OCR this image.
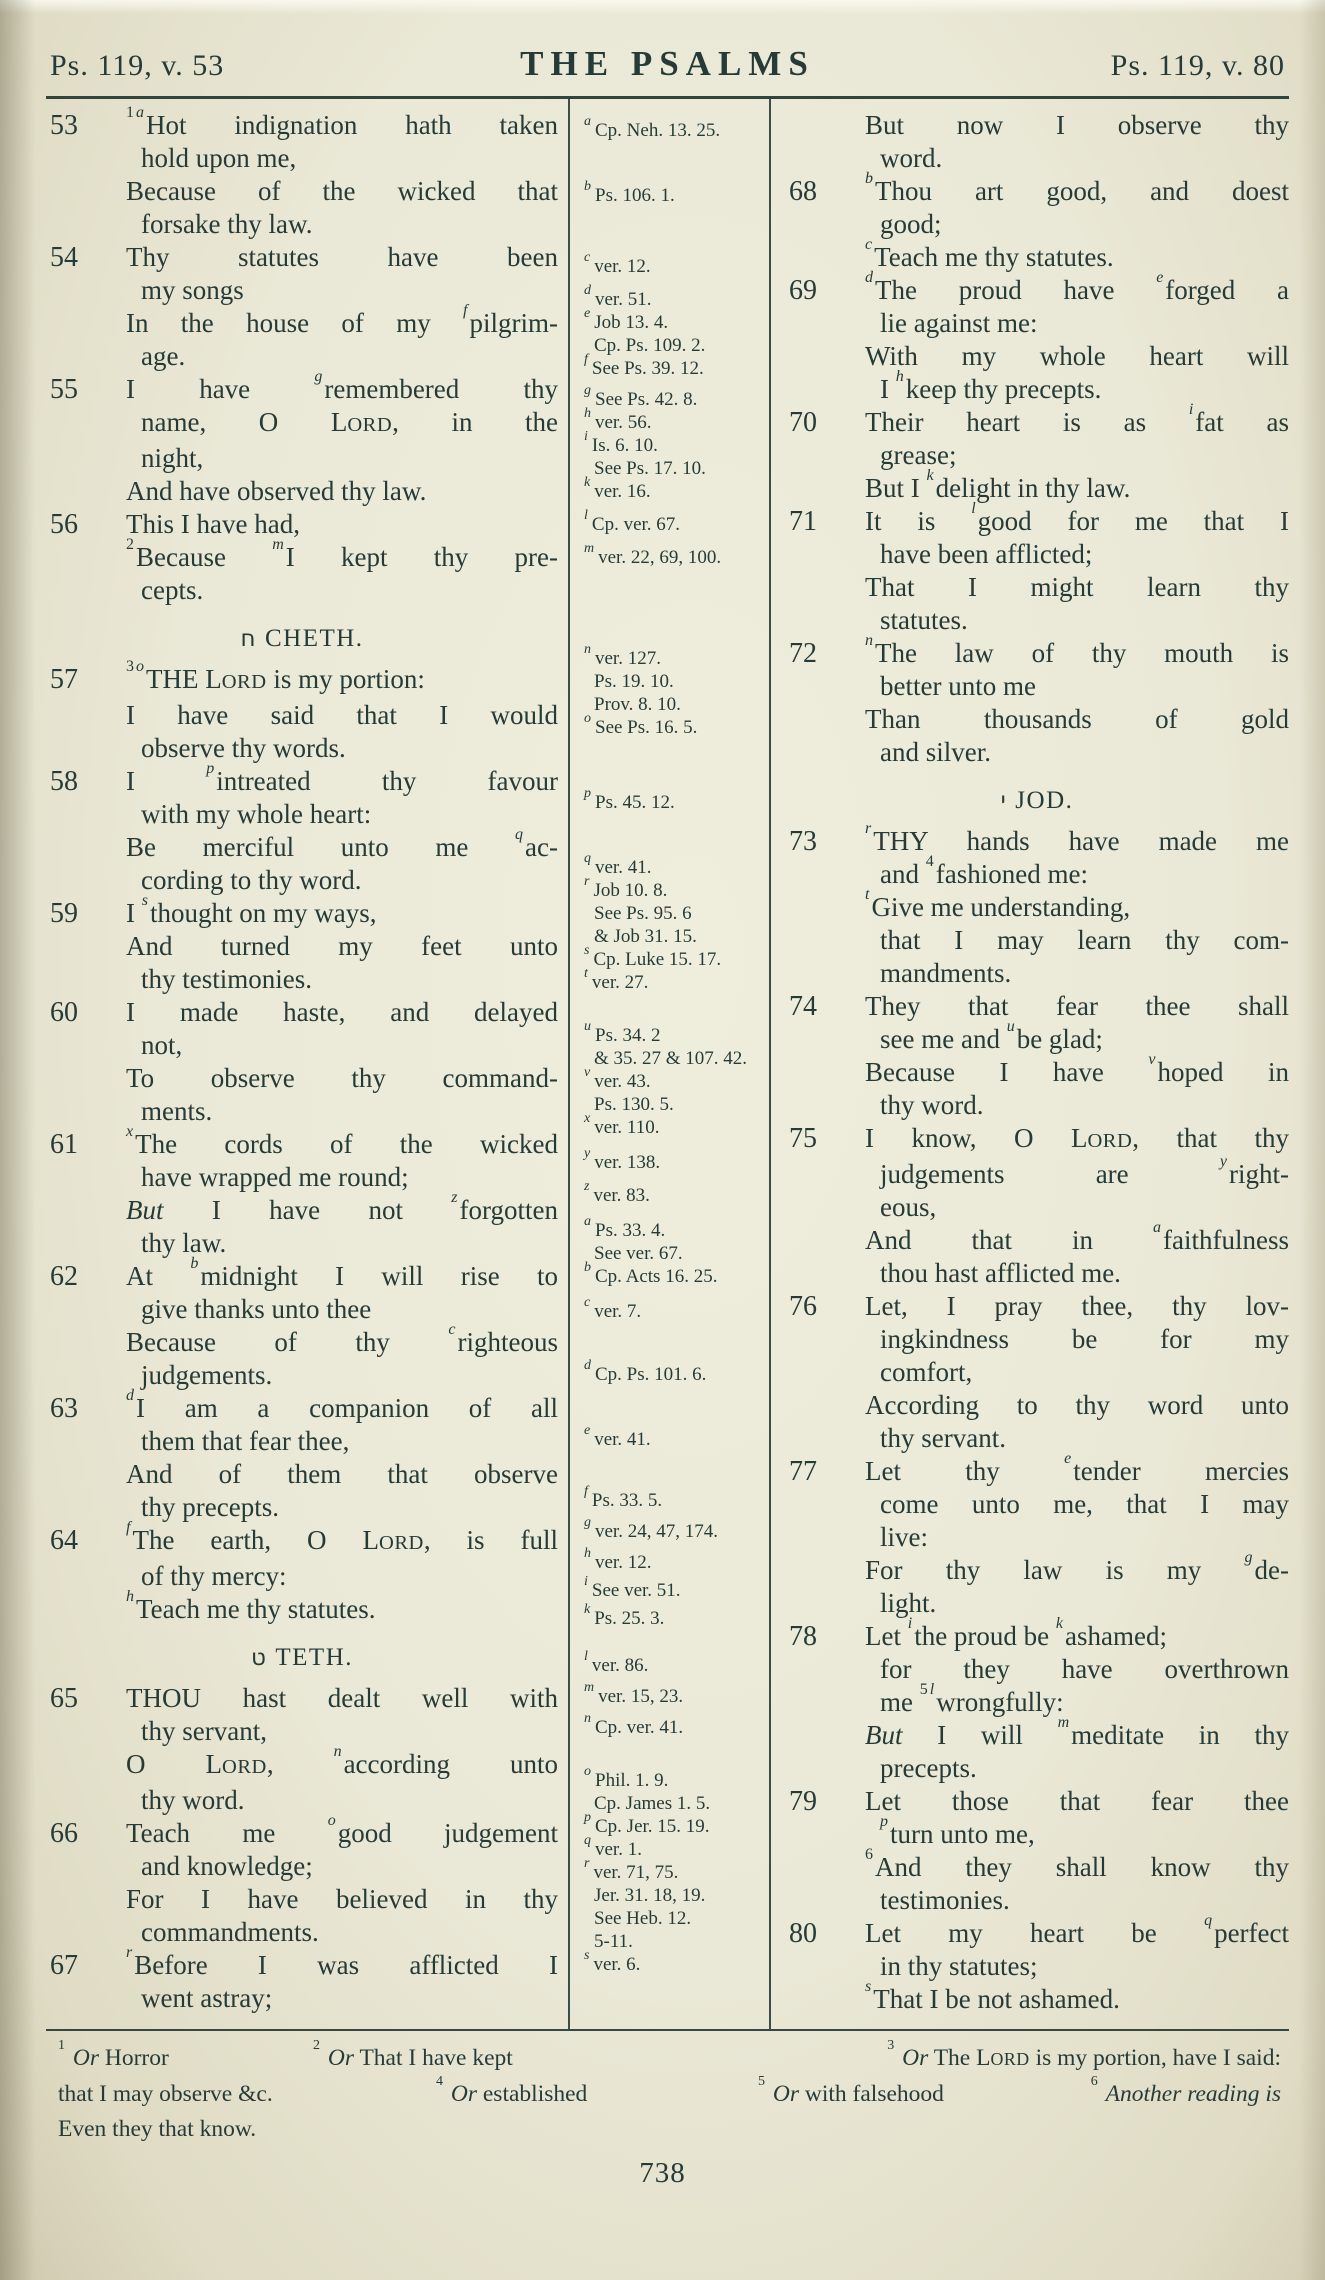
Ps. 119, v. 53	THE PSALMS	Ps. 119, v. 80
53	$^1$ $^a$Hot indignation hath taken
hold upon me,
Because of the wicked that
forsake thy law.
54 Thy statutes have been
my songs
In the house of my $^f$pilgrim-
age.
55 I have $^g$remembered thy
name, O LORD, in the
night,
And have observed thy law.
56 This I have had,
$^2$Because $^m$I kept thy pre-
cepts.
ח CHETH.
57	$^3$ $^o$THE LORD is my portion:
I have said that I would
observe thy words.
58 I $^p$intreated thy favour
with my whole heart:
Be merciful unto me $^q$ac-
cording to thy word.
59 I $^s$thought on my ways,
And turned my feet unto
thy testimonies.
60 I made haste, and delayed
not,
To observe thy command-
ments.
61	$^x$The cords of the wicked
have wrapped me round;
But I have not $^z$forgotten
thy law.
62 At $^b$midnight I will rise to
give thanks unto thee
Because of thy $^c$righteous
judgements.
63	$^d$I am a companion of all
them that fear thee,
And of them that observe
thy precepts.
64	$^f$The earth, O LORD, is full
of thy mercy:
$^h$Teach me thy statutes.
ט TETH.
65 THOU hast dealt well with
thy servant,
O LORD, $^n$according unto
thy word.
66 Teach me $^o$good judgement
and knowledge;
For I have believed in thy
commandments.
67	$^r$Before I was afflicted I
went astray;
$^a$ Cp. Neh. 13. 25.
$^b$ Ps. 106. 1.
$^c$ ver. 12.
$^d$ ver. 51.
$^e$ Job 13. 4.
Cp. Ps. 109. 2.
$^f$ See Ps. 39. 12.
$^g$ See Ps. 42. 8.
$^h$ ver. 56.
$^i$ Is. 6. 10.
See Ps. 17. 10.
$^k$ ver. 16.
$^l$ Cp. ver. 67.
$^m$ ver. 22, 69, 100.
$^n$ ver. 127.
Ps. 19. 10.
Prov. 8. 10.
$^o$ See Ps. 16. 5.
$^p$ Ps. 45. 12.
$^q$ ver. 41.
$^r$ Job 10. 8.
See Ps. 95. 6
& Job 31. 15.
$^s$ Cp. Luke 15. 17.
$^t$ ver. 27.
$^u$ Ps. 34. 2
& 35. 27 & 107. 42.
$^v$ ver. 43.
Ps. 130. 5.
$^x$ ver. 110.
$^y$ ver. 138.
$^z$ ver. 83.
$^a$ Ps. 33. 4.
See ver. 67.
$^b$ Cp. Acts 16. 25.
$^c$ ver. 7.
$^d$ Cp. Ps. 101. 6.
$^e$ ver. 41.
$^f$ Ps. 33. 5.
$^g$ ver. 24, 47, 174.
$^h$ ver. 12.
$^i$ See ver. 51.
$^k$ Ps. 25. 3.
$^l$ ver. 86.
$^m$ ver. 15, 23.
$^n$ Cp. ver. 41.
$^o$ Phil. 1. 9.
Cp. James 1. 5.
$^p$ Cp. Jer. 15. 19.
$^q$ ver. 1.
$^r$ ver. 71, 75.
Jer. 31. 18, 19.
See Heb. 12.
5-11.
$^s$ ver. 6.
But now I observe thy
word.
68	$^b$Thou art good, and doest
good;
$^c$Teach me thy statutes.
69	$^d$The proud have $^e$forged a
lie against me:
With my whole heart will
I $^h$keep thy precepts.
70 Their heart is as $^i$fat as
grease;
But I $^k$delight in thy law.
71 It is $^l$good for me that I
have been afflicted;
That I might learn thy
statutes.
72	$^n$The law of thy mouth is
better unto me
Than thousands of gold
and silver.
י JOD.
73	$^r$THY hands have made me
and $^4$fashioned me:
$^t$Give me understanding,
that I may learn thy com-
mandments.
74 They that fear thee shall
see me and $^u$be glad;
Because I have $^v$hoped in
thy word.
75 I know, O LORD, that thy
judgements are $^y$right-
eous,
And that in $^a$faithfulness
thou hast afflicted me.
76 Let, I pray thee, thy lov-
ingkindness be for my
comfort,
According to thy word unto
thy servant.
77 Let thy $^e$tender mercies
come unto me, that I may
live:
For thy law is my $^g$de-
light.
78 Let $^i$the proud be $^k$ashamed;
for they have overthrown
me $^5$ $^l$wrongfully:
But I will $^m$meditate in thy
precepts.
79 Let those that fear thee
$^p$turn unto me,
$^6$And they shall know thy
testimonies.
80 Let my heart be $^q$perfect
in thy statutes;
$^s$That I be not ashamed.
$^1$ Or Horror	$^2$ Or That I have kept	$^3$ Or The LORD is my portion, have I said:
that I may observe &c.	$^4$ Or established	$^5$ Or with falsehood	$^6$ Another reading is
Even they that know.
738
